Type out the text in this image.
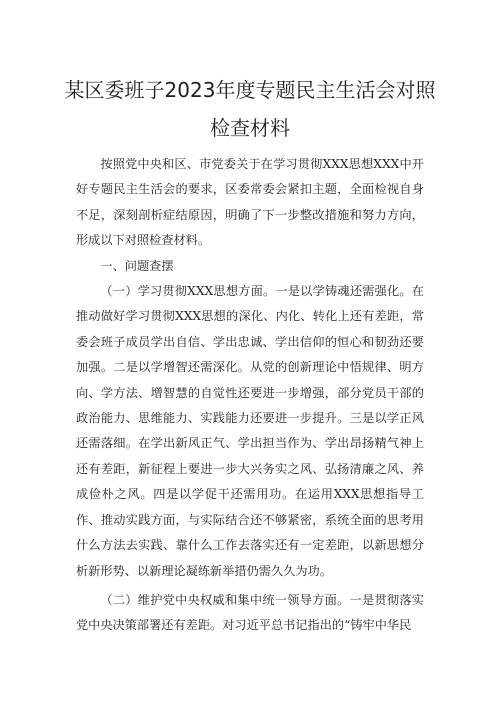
某区委班子2023年度专题民主生活会对照
检查材料

按照党中央和区、市党委关于在学习贯彻XXX思想XXX中开好专题民主生活会的要求，区委常委会紧扣主题，全面检视自身不足，深刻剖析症结原因，明确了下一步整改措施和努力方向，形成以下对照检查材料。

一、问题查摆

（一）学习贯彻XXX思想方面。一是以学铸魂还需强化。在推动做好学习贯彻XXX思想的深化、内化、转化上还有差距，常委会班子成员学出自信、学出忠诚、学出信仰的恒心和韧劲还要加强。二是以学增智还需深化。从党的创新理论中悟规律、明方向、学方法、增智慧的自觉性还要进一步增强，部分党员干部的政治能力、思维能力、实践能力还要进一步提升。三是以学正风还需落细。在学出新风正气、学出担当作为、学出昂扬精气神上还有差距，新征程上要进一步大兴务实之风、弘扬清廉之风、养成俭朴之风。四是以学促干还需用功。在运用XXX思想指导工作、推动实践方面，与实际结合还不够紧密，系统全面的思考用什么方法去实践、靠什么工作去落实还有一定差距，以新思想分析新形势、以新理论凝练新举措仍需久久为功。

（二）维护党中央权威和集中统一领导方面。一是贯彻落实党中央决策部署还有差距。对习近平总书记指出的“铸牢中华民
